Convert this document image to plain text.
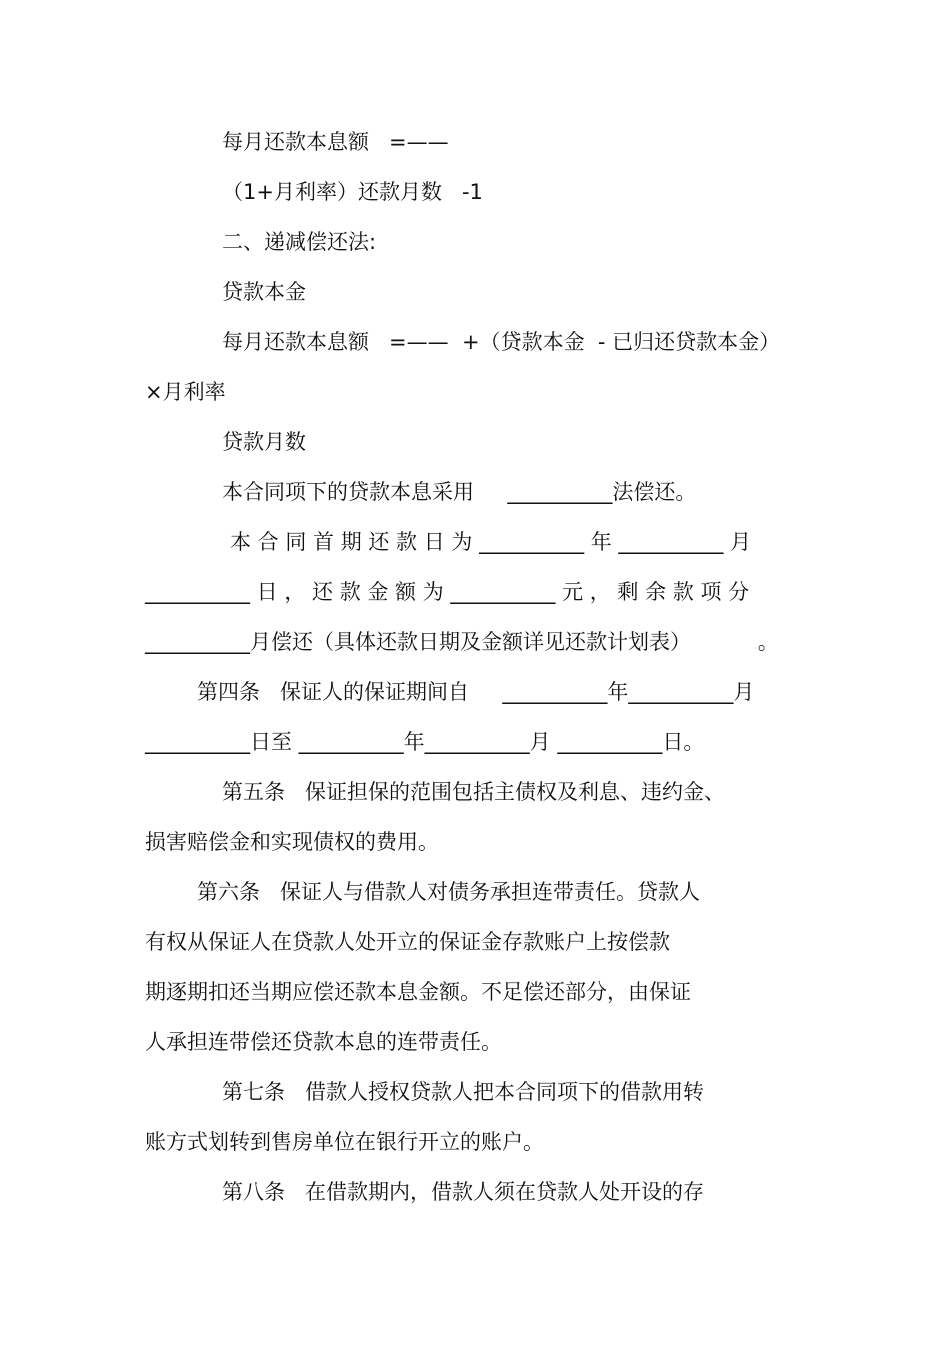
每月还款本息额   =——
（1+月利率）还款月数   -1
二、递减偿还法:
贷款本金
每月还款本息额   =——  +（贷款本金  - 已归还贷款本金）
×月利率
贷款月数
本合同项下的贷款本息采用     __________法偿还。
本 合 同 首 期 还 款 日 为 __________ 年 __________ 月
__________ 日 ， 还 款 金 额 为 __________ 元 ， 剩 余 款 项 分
__________月偿还（具体还款日期及金额详见还款计划表）          。
第四条   保证人的保证期间自     __________年__________月
__________日至 __________年__________月 __________日。
第五条   保证担保的范围包括主债权及利息、违约金、
损害赔偿金和实现债权的费用。
第六条   保证人与借款人对债务承担连带责任。贷款人
有权从保证人在贷款人处开立的保证金存款账户上按偿款
期逐期扣还当期应偿还款本息金额。不足偿还部分，由保证
人承担连带偿还贷款本息的连带责任。
第七条   借款人授权贷款人把本合同项下的借款用转
账方式划转到售房单位在银行开立的账户。
第八条   在借款期内，借款人须在贷款人处开设的存
